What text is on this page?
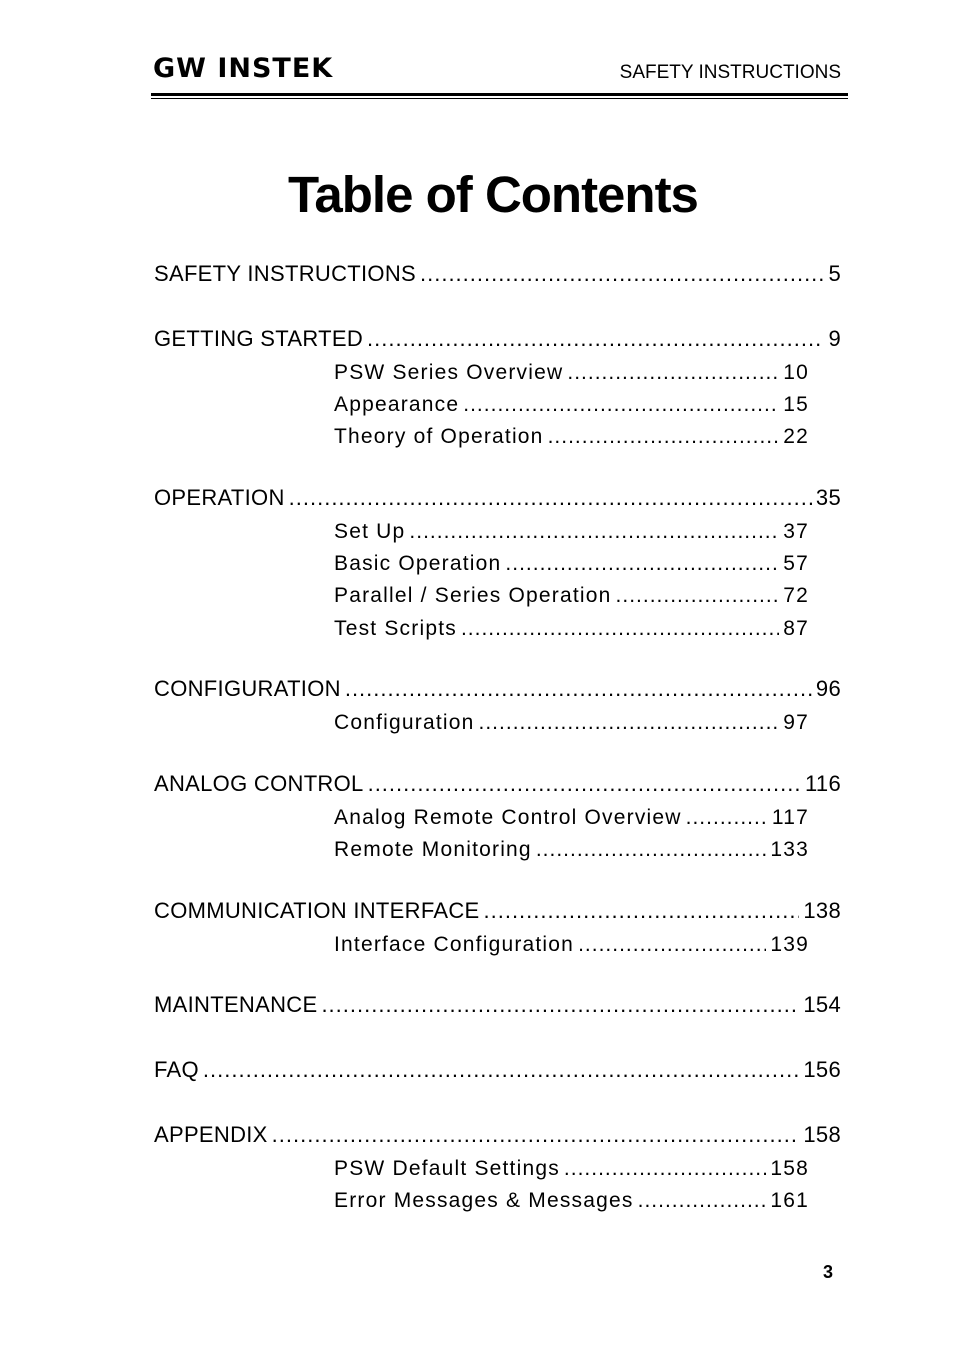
GW INSTEK	SAFETY INSTRUCTIONS
Table of Contents
SAFETY INSTRUCTIONS .....	5
GETTING STARTED .....	9
PSW Series Overview .....	10
Appearance .....	15
Theory of Operation .....	22
OPERATION .....	35
Set Up .....	37
Basic Operation .....	57
Parallel / Series Operation .....	72
Test Scripts .....	87
CONFIGURATION .....	96
Configuration .....	97
ANALOG CONTROL .....	116
Analog Remote Control Overview .....	117
Remote Monitoring .....	133
COMMUNICATION INTERFACE .....	138
Interface Configuration .....	139
MAINTENANCE .....	154
FAQ .....	156
APPENDIX .....	158
PSW Default Settings .....	158
Error Messages & Messages .....	161
3
